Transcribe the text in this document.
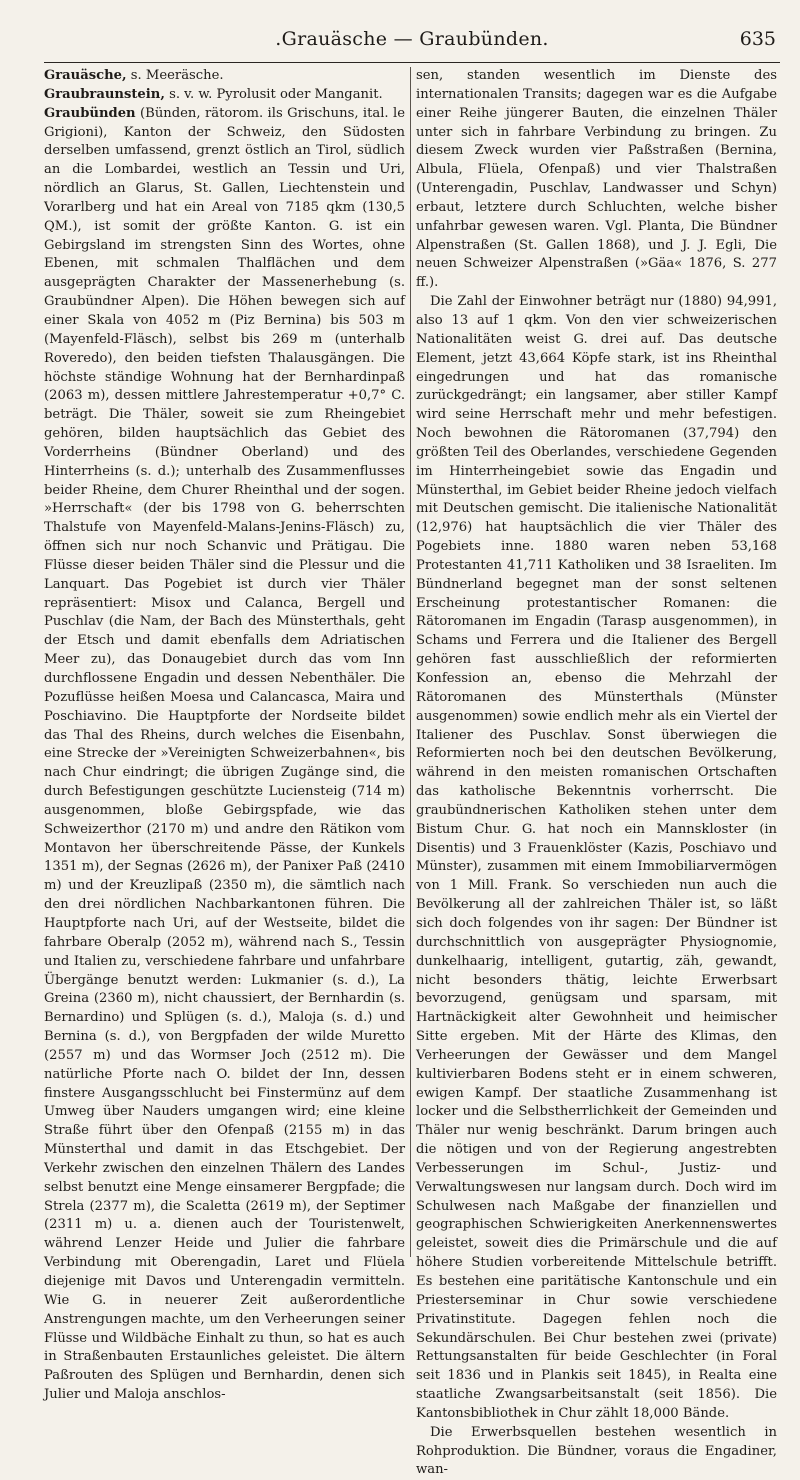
.Grauäsche — Graubünden.	635

Grauäsche, s. Meeräsche.

Graubraunstein, s. v. w. Pyrolusit oder Manganit.

Graubünden (Bünden, rätorom. ils Grischuns, ital. le Grigioni), Kanton der Schweiz, den Südosten derselben umfassend, grenzt östlich an Tirol, südlich an die Lombardei, westlich an Tessin und Uri, nördlich an Glarus, St. Gallen, Liechtenstein und Vorarlberg und hat ein Areal von 7185 qkm (130,5 QM.), ist somit der größte Kanton. G. ist ein Gebirgsland im strengsten Sinn des Wortes, ohne Ebenen, mit schmalen Thalflächen und dem ausgeprägten Charakter der Massenerhebung (s. Graubündner Alpen). Die Höhen bewegen sich auf einer Skala von 4052 m (Piz Bernina) bis 503 m (Mayenfeld-Fläsch), selbst bis 269 m (unterhalb Roveredo), den beiden tiefsten Thalausgängen. Die höchste ständige Wohnung hat der Bernhardinpaß (2063 m), dessen mittlere Jahrestemperatur +0,7° C. beträgt. Die Thäler, soweit sie zum Rheingebiet gehören, bilden hauptsächlich das Gebiet des Vorderrheins (Bündner Oberland) und des Hinterrheins (s. d.); unterhalb des Zusammenflusses beider Rheine, dem Churer Rheinthal und der sogen. »Herrschaft« (der bis 1798 von G. beherrschten Thalstufe von Mayenfeld-Malans-Jenins-Fläsch) zu, öffnen sich nur noch Schanvic und Prätigau. Die Flüsse dieser beiden Thäler sind die Plessur und die Lanquart. Das Pogebiet ist durch vier Thäler repräsentiert: Misox und Calanca, Bergell und Puschlav (die Nam, der Bach des Münsterthals, geht der Etsch und damit ebenfalls dem Adriatischen Meer zu), das Donaugebiet durch das vom Inn durchflossene Engadin und dessen Nebenthäler. Die Pozuflüsse heißen Moesa und Calancasca, Maira und Poschiavino. Die Hauptpforte der Nordseite bildet das Thal des Rheins, durch welches die Eisenbahn, eine Strecke der »Vereinigten Schweizerbahnen«, bis nach Chur eindringt; die übrigen Zugänge sind, die durch Befestigungen geschützte Luciensteig (714 m) ausgenommen, bloße Gebirgspfade, wie das Schweizerthor (2170 m) und andre den Rätikon vom Montavon her überschreitende Pässe, der Kunkels 1351 m), der Segnas (2626 m), der Panixer Paß (2410 m) und der Kreuzlipaß (2350 m), die sämtlich nach den drei nördlichen Nachbarkantonen führen. Die Hauptpforte nach Uri, auf der Westseite, bildet die fahrbare Oberalp (2052 m), während nach S., Tessin und Italien zu, verschiedene fahrbare und unfahrbare Übergänge benutzt werden: Lukmanier (s. d.), La Greina (2360 m), nicht chaussiert, der Bernhardin (s. Bernardino) und Splügen (s. d.), Maloja (s. d.) und Bernina (s. d.), von Bergpfaden der wilde Muretto (2557 m) und das Wormser Joch (2512 m). Die natürliche Pforte nach O. bildet der Inn, dessen finstere Ausgangsschlucht bei Finstermünz auf dem Umweg über Nauders umgangen wird; eine kleine Straße führt über den Ofenpaß (2155 m) in das Münsterthal und damit in das Etschgebiet. Der Verkehr zwischen den einzelnen Thälern des Landes selbst benutzt eine Menge einsamerer Bergpfade; die Strela (2377 m), die Scaletta (2619 m), der Septimer (2311 m) u. a. dienen auch der Touristenwelt, während Lenzer Heide und Julier die fahrbare Verbindung mit Oberengadin, Laret und Flüela diejenige mit Davos und Unterengadin vermitteln. Wie G. in neuerer Zeit außerordentliche Anstrengungen machte, um den Verheerungen seiner Flüsse und Wildbäche Einhalt zu thun, so hat es auch in Straßenbauten Erstaunliches geleistet. Die ältern Paßrouten des Splügen und Bernhardin, denen sich Julier und Maloja anschlos-

sen, standen wesentlich im Dienste des internationalen Transits; dagegen war es die Aufgabe einer Reihe jüngerer Bauten, die einzelnen Thäler unter sich in fahrbare Verbindung zu bringen. Zu diesem Zweck wurden vier Paßstraßen (Bernina, Albula, Flüela, Ofenpaß) und vier Thalstraßen (Unterengadin, Puschlav, Landwasser und Schyn) erbaut, letztere durch Schluchten, welche bisher unfahrbar gewesen waren. Vgl. Planta, Die Bündner Alpenstraßen (St. Gallen 1868), und J. J. Egli, Die neuen Schweizer Alpenstraßen (»Gäa« 1876, S. 277 ff.).

Die Zahl der Einwohner beträgt nur (1880) 94,991, also 13 auf 1 qkm. Von den vier schweizerischen Nationalitäten weist G. drei auf. Das deutsche Element, jetzt 43,664 Köpfe stark, ist ins Rheinthal eingedrungen und hat das romanische zurückgedrängt; ein langsamer, aber stiller Kampf wird seine Herrschaft mehr und mehr befestigen. Noch bewohnen die Rätoromanen (37,794) den größten Teil des Oberlandes, verschiedene Gegenden im Hinterrheingebiet sowie das Engadin und Münsterthal, im Gebiet beider Rheine jedoch vielfach mit Deutschen gemischt. Die italienische Nationalität (12,976) hat hauptsächlich die vier Thäler des Pogebiets inne. 1880 waren neben 53,168 Protestanten 41,711 Katholiken und 38 Israeliten. Im Bündnerland begegnet man der sonst seltenen Erscheinung protestantischer Romanen: die Rätoromanen im Engadin (Tarasp ausgenommen), in Schams und Ferrera und die Italiener des Bergell gehören fast ausschließlich der reformierten Konfession an, ebenso die Mehrzahl der Rätoromanen des Münsterthals (Münster ausgenommen) sowie endlich mehr als ein Viertel der Italiener des Puschlav. Sonst überwiegen die Reformierten noch bei den deutschen Bevölkerung, während in den meisten romanischen Ortschaften das katholische Bekenntnis vorherrscht. Die graubündnerischen Katholiken stehen unter dem Bistum Chur. G. hat noch ein Mannskloster (in Disentis) und 3 Frauenklöster (Kazis, Poschiavo und Münster), zusammen mit einem Immobiliarvermögen von 1 Mill. Frank. So verschieden nun auch die Bevölkerung all der zahlreichen Thäler ist, so läßt sich doch folgendes von ihr sagen: Der Bündner ist durchschnittlich von ausgeprägter Physiognomie, dunkelhaarig, intelligent, gutartig, zäh, gewandt, nicht besonders thätig, leichte Erwerbsart bevorzugend, genügsam und sparsam, mit Hartnäckigkeit alter Gewohnheit und heimischer Sitte ergeben. Mit der Härte des Klimas, den Verheerungen der Gewässer und dem Mangel kultivierbaren Bodens steht er in einem schweren, ewigen Kampf. Der staatliche Zusammenhang ist locker und die Selbstherrlichkeit der Gemeinden und Thäler nur wenig beschränkt. Darum bringen auch die nötigen und von der Regierung angestrebten Verbesserungen im Schul-, Justiz- und Verwaltungswesen nur langsam durch. Doch wird im Schulwesen nach Maßgabe der finanziellen und geographischen Schwierigkeiten Anerkennenswertes geleistet, soweit dies die Primärschule und die auf höhere Studien vorbereitende Mittelschule betrifft. Es bestehen eine paritätische Kantonschule und ein Priesterseminar in Chur sowie verschiedene Privatinstitute. Dagegen fehlen noch die Sekundärschulen. Bei Chur bestehen zwei (private) Rettungsanstalten für beide Geschlechter (in Foral seit 1836 und in Plankis seit 1845), in Realta eine staatliche Zwangsarbeitsanstalt (seit 1856). Die Kantonsbibliothek in Chur zählt 18,000 Bände.

Die Erwerbsquellen bestehen wesentlich in Rohproduktion. Die Bündner, voraus die Engadiner, wan-
